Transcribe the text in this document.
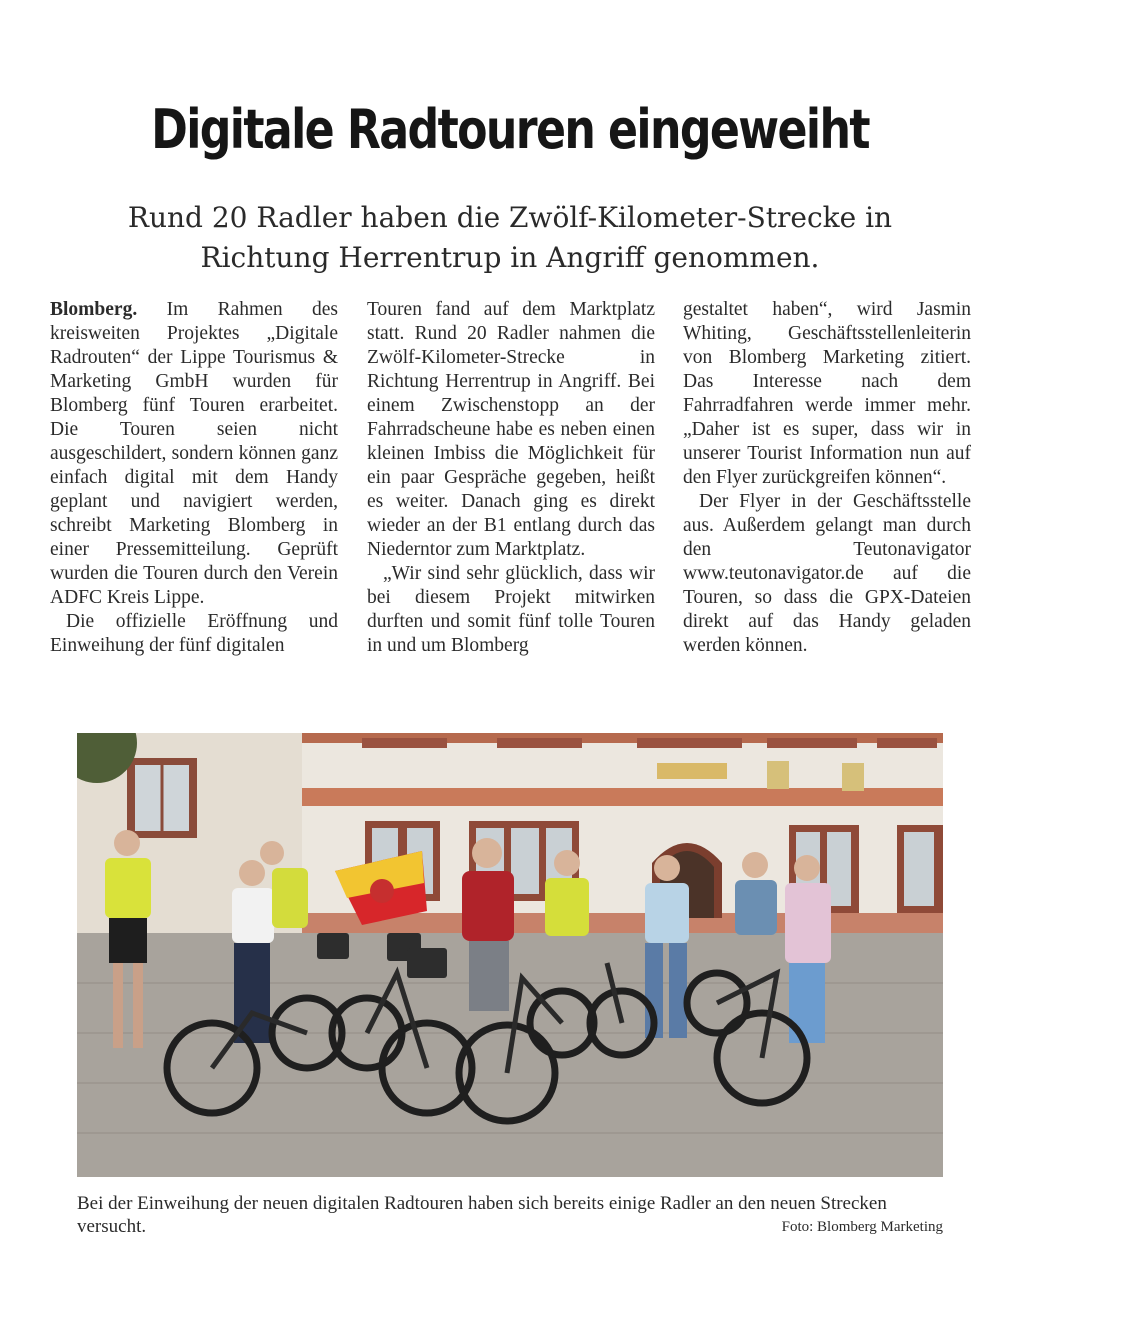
Digitale Radtouren eingeweiht

Rund 20 Radler haben die Zwölf-Kilometer-Strecke in Richtung Herrentrup in Angriff genommen.

Blomberg. Im Rahmen des kreisweiten Projektes „Digitale Radrouten“ der Lippe Tourismus & Marketing GmbH wurden für Blomberg fünf Touren erarbeitet. Die Touren seien nicht ausgeschildert, sondern können ganz einfach digital mit dem Handy geplant und navigiert werden, schreibt Marketing Blomberg in einer Pressemitteilung. Geprüft wurden die Touren durch den Verein ADFC Kreis Lippe.

Die offizielle Eröffnung und Einweihung der fünf digitalen

Touren fand auf dem Marktplatz statt. Rund 20 Radler nahmen die Zwölf-Kilometer-Strecke in Richtung Herrentrup in Angriff. Bei einem Zwischenstopp an der Fahrradscheune habe es neben einen kleinen Imbiss die Möglichkeit für ein paar Gespräche gegeben, heißt es weiter. Danach ging es direkt wieder an der B1 entlang durch das Niederntor zum Marktplatz.

„Wir sind sehr glücklich, dass wir bei diesem Projekt mitwirken durften und somit fünf tolle Touren in und um Blomberg

gestaltet haben“, wird Jasmin Whiting, Geschäftsstellenleiterin von Blomberg Marketing zitiert. Das Interesse nach dem Fahrradfahren werde immer mehr. „Daher ist es super, dass wir in unserer Tourist Information nun auf den Flyer zurückgreifen können“.

Der Flyer in der Geschäftsstelle aus. Außerdem gelangt man durch den Teutonavigator www.teutonavigator.de auf die Touren, so dass die GPX-Dateien direkt auf das Handy geladen werden können.

Bei der Einweihung der neuen digitalen Radtouren haben sich bereits einige Radler an den neuen Strecken versucht.	Foto: Blomberg Marketing
